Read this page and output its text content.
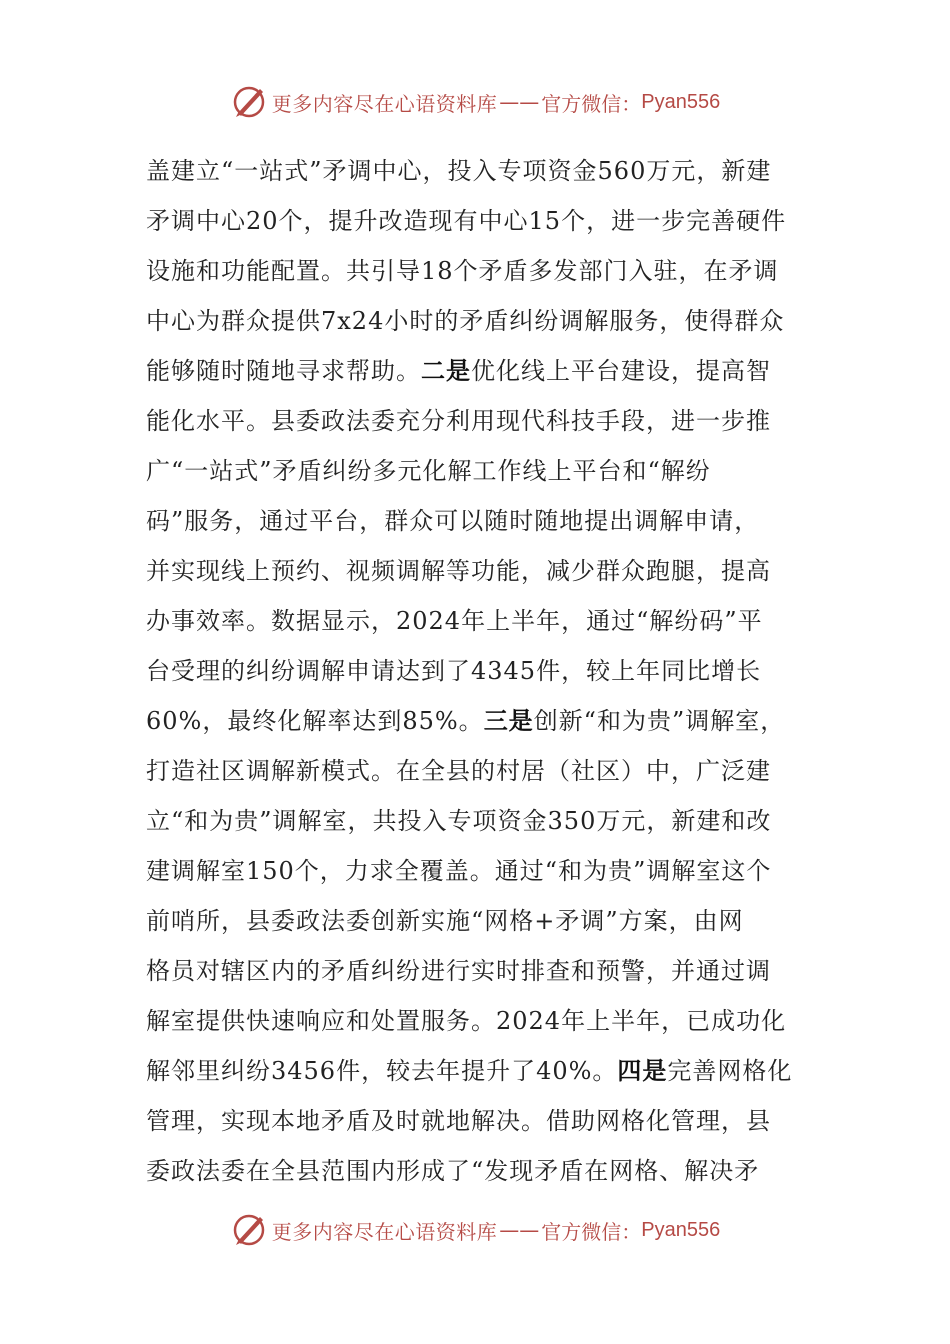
更多内容尽在心语资料库 —— 官方微信： Pyan556
盖建立“一站式”矛调中心，投入专项资金560万元，新建
矛调中心20个，提升改造现有中心15个，进一步完善硬件
设施和功能配置。共引导18个矛盾多发部门入驻，在矛调
中心为群众提供7x24小时的矛盾纠纷调解服务，使得群众
能够随时随地寻求帮助。二是优化线上平台建设，提高智
能化水平。县委政法委充分利用现代科技手段，进一步推
广“一站式”矛盾纠纷多元化解工作线上平台和“解纷
码”服务，通过平台，群众可以随时随地提出调解申请，
并实现线上预约、视频调解等功能，减少群众跑腿，提高
办事效率。数据显示，2024年上半年，通过“解纷码”平
台受理的纠纷调解申请达到了4345件，较上年同比增长
60%，最终化解率达到85%。三是创新“和为贵”调解室，
打造社区调解新模式。在全县的村居（社区）中，广泛建
立“和为贵”调解室，共投入专项资金350万元，新建和改
建调解室150个，力求全覆盖。通过“和为贵”调解室这个
前哨所，县委政法委创新实施“网格+矛调”方案，由网
格员对辖区内的矛盾纠纷进行实时排查和预警，并通过调
解室提供快速响应和处置服务。2024年上半年，已成功化
解邻里纠纷3456件，较去年提升了40%。四是完善网格化
管理，实现本地矛盾及时就地解决。借助网格化管理，县
委政法委在全县范围内形成了“发现矛盾在网格、解决矛
更多内容尽在心语资料库 —— 官方微信： Pyan556
